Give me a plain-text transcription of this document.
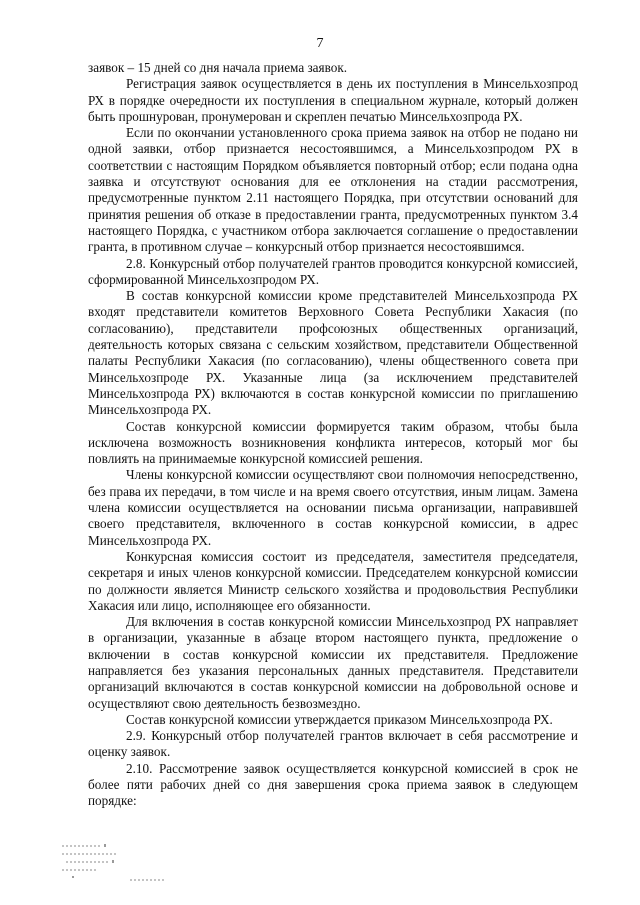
7

заявок – 15 дней со дня начала приема заявок.

Регистрация заявок осуществляется в день их поступления в Минсельхозпрод РХ в порядке очередности их поступления в специальном журнале, который должен быть прошнурован, пронумерован и скреплен печатью Минсельхозпрода РХ.

Если по окончании установленного срока приема заявок на отбор не подано ни одной заявки, отбор признается несостоявшимся, а Минсельхозпродом РХ в соответствии с настоящим Порядком объявляется повторный отбор; если подана одна заявка и отсутствуют основания для ее отклонения на стадии рассмотрения, предусмотренные пунктом 2.11 настоящего Порядка, при отсутствии оснований для принятия решения об отказе в предоставлении гранта, предусмотренных пунктом 3.4 настоящего Порядка, с участником отбора заключается соглашение о предоставлении гранта, в противном случае – конкурсный отбор признается несостоявшимся.

2.8. Конкурсный отбор получателей грантов проводится конкурсной комиссией, сформированной Минсельхозпродом РХ.

В состав конкурсной комиссии кроме представителей Минсельхозпрода РХ входят представители комитетов Верховного Совета Республики Хакасия (по согласованию), представители профсоюзных общественных организаций, деятельность которых связана с сельским хозяйством, представители Общественной палаты Республики Хакасия (по согласованию), члены общественного совета при Минсельхозпроде РХ. Указанные лица (за исключением представителей Минсельхозпрода РХ) включаются в состав конкурсной комиссии по приглашению Минсельхозпрода РХ.

Состав конкурсной комиссии формируется таким образом, чтобы была исключена возможность возникновения конфликта интересов, который мог бы повлиять на принимаемые конкурсной комиссией решения.

Члены конкурсной комиссии осуществляют свои полномочия непосредственно, без права их передачи, в том числе и на время своего отсутствия, иным лицам. Замена члена комиссии осуществляется на основании письма организации, направившей своего представителя, включенного в состав конкурсной комиссии, в адрес Минсельхозпрода РХ.

Конкурсная комиссия состоит из председателя, заместителя председателя, секретаря и иных членов конкурсной комиссии. Председателем конкурсной комиссии по должности является Министр сельского хозяйства и продовольствия Республики Хакасия или лицо, исполняющее его обязанности.

Для включения в состав конкурсной комиссии Минсельхозпрод РХ направляет в организации, указанные в абзаце втором настоящего пункта, предложение о включении в состав конкурсной комиссии их представителя. Предложение направляется без указания персональных данных представителя. Представители организаций включаются в состав конкурсной комиссии на добровольной основе и осуществляют свою деятельность безвозмездно.

Состав конкурсной комиссии утверждается приказом Минсельхозпрода РХ.

2.9. Конкурсный отбор получателей грантов включает в себя рассмотрение и оценку заявок.

2.10. Рассмотрение заявок осуществляется конкурсной комиссией в срок не более пяти рабочих дней со дня завершения срока приема заявок в следующем порядке:
